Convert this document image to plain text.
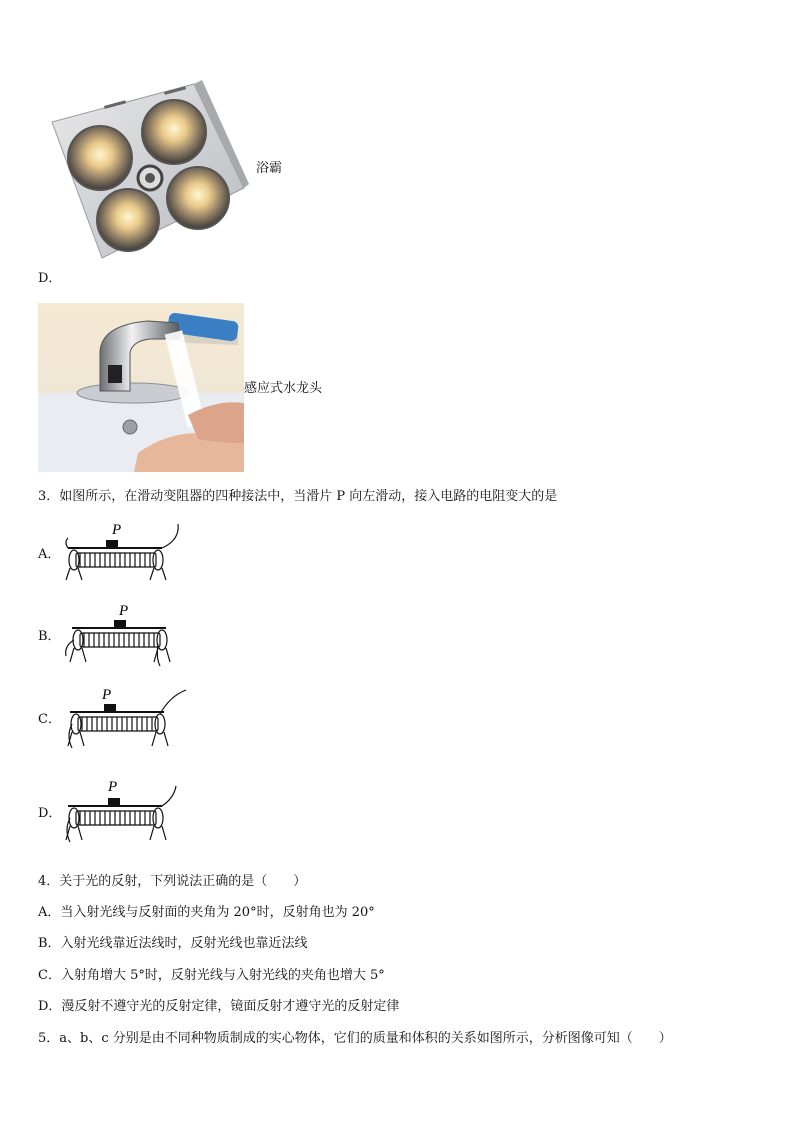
浴霸
D．
感应式水龙头
3．如图所示，在滑动变阻器的四种接法中，当滑片 P 向左滑动，接入电路的电阻变大的是
A．
P
B．
P
C．
P
D．
P
4．关于光的反射，下列说法正确的是（　　）
A．当入射光线与反射面的夹角为 20°时，反射角也为 20°
B．入射光线靠近法线时，反射光线也靠近法线
C．入射角增大 5°时，反射光线与入射光线的夹角也增大 5°
D．漫反射不遵守光的反射定律，镜面反射才遵守光的反射定律
5．a、b、c 分别是由不同种物质制成的实心物体，它们的质量和体积的关系如图所示，分析图像可知（　　）
